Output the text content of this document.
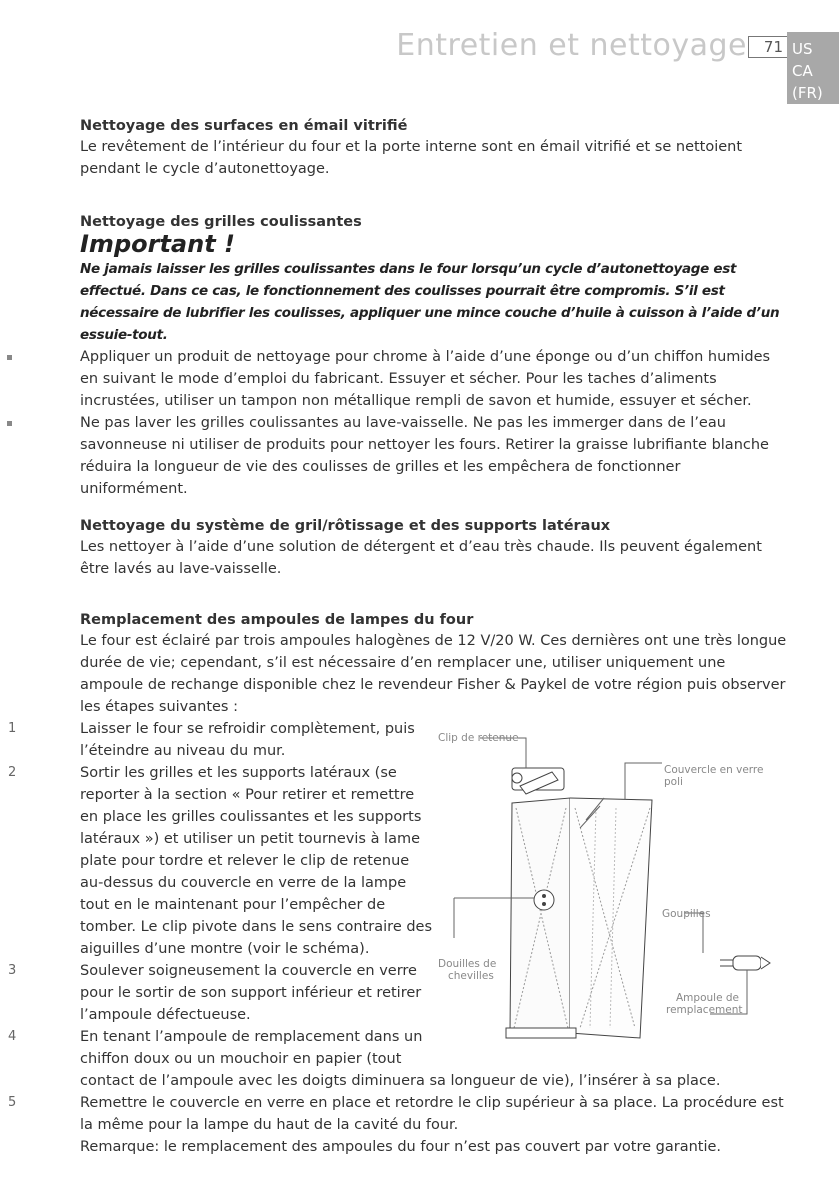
Entretien et nettoyage	71 US
CA
(FR)
Nettoyage des surfaces en émail vitrifié

Le revêtement de l’intérieur du four et la porte interne sont en émail vitrifié et se nettoient pendant le cycle d’autonettoyage.

Nettoyage des grilles coulissantes
Important !
Ne jamais laisser les grilles coulissantes dans le four lorsqu’un cycle d’autonettoyage est effectué. Dans ce cas, le fonctionnement des coulisses pourrait être compromis. S’il est nécessaire de lubrifier les coulisses, appliquer une mince couche d’huile à cuisson à l’aide d’un essuie-tout.
Appliquer un produit de nettoyage pour chrome à l’aide d’une éponge ou d’un chiffon humides en suivant le mode d’emploi du fabricant. Essuyer et sécher. Pour les taches d’aliments incrustées, utiliser un tampon non métallique rempli de savon et humide, essuyer et sécher.
Ne pas laver les grilles coulissantes au lave-vaisselle. Ne pas les immerger dans de l’eau savonneuse ni utiliser de produits pour nettoyer les fours. Retirer la graisse lubrifiante blanche réduira la longueur de vie des coulisses de grilles et les empêchera de fonctionner uniformément.
Nettoyage du système de gril/rôtissage et des supports latéraux

Les nettoyer à l’aide d’une solution de détergent et d’eau très chaude. Ils peuvent également être lavés au lave-vaisselle.

Remplacement des ampoules de lampes du four

Le four est éclairé par trois ampoules halogènes de 12 V/20 W. Ces dernières ont une très longue durée de vie; cependant, s’il est nécessaire d’en remplacer une, utiliser uniquement une ampoule de rechange disponible chez le revendeur Fisher & Paykel de votre région puis observer les étapes suivantes :

1	Laisser le four se refroidir complètement, puis l’éteindre au niveau du mur.
2	Sortir les grilles et les supports latéraux (se reporter à la section « Pour retirer et remettre en place les grilles coulissantes et les supports latéraux ») et utiliser un petit tournevis à lame plate pour tordre et relever le clip de retenue au-dessus du couvercle en verre de la lampe tout en le maintenant pour l’empêcher de tomber. Le clip pivote dans le sens contraire des aiguilles d’une montre (voir le schéma).
3	Soulever soigneusement la couvercle en verre pour le sortir de son support inférieur et retirer l’ampoule défectueuse.
4	En tenant l’ampoule de remplacement dans un chiffon doux ou un mouchoir en papier (tout
contact de l’ampoule avec les doigts diminuera sa longueur de vie), l’insérer à sa place.
5	Remettre le couvercle en verre en place et retordre le clip supérieur à sa place. La procédure est la même pour la lampe du haut de la cavité du four.

Remarque: le remplacement des ampoules du four n’est pas couvert par votre garantie.

Clip de retenue
Couvercle en verre
poli
Goupilles
Douilles de
chevilles
Ampoule de
remplacement
